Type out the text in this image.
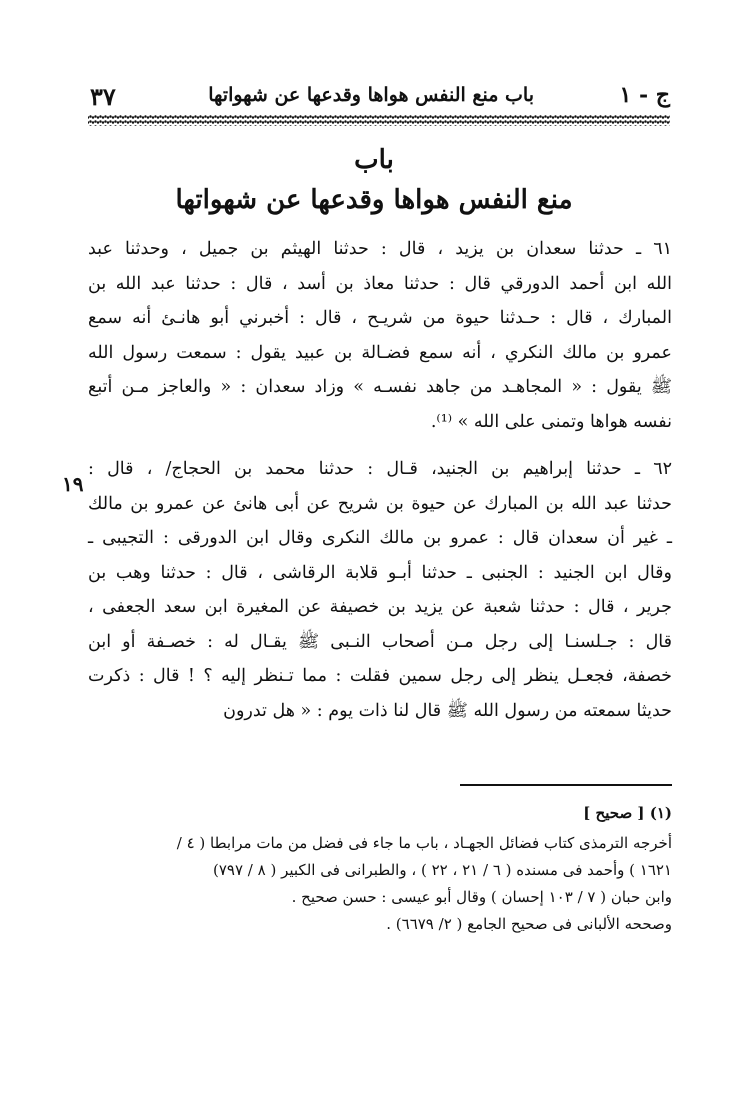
ج - ١
باب منع النفس هواها وقدعها عن شهواتها
٣٧
باب
منع النفس هواها وقدعها عن شهواتها
٦١ ـ حدثنا سعدان بن يزيد ، قال : حدثنا الهيثم بن جميل ، وحدثنا عبد
الله ابن أحمد الدورقي قال : حدثنا معاذ بن أسد ، قال : حدثنا عبد الله بن
المبارك ، قال : حـدثنا حيوة من شريـح ، قال : أخبرني أبو هانـئ أنه سمع
عمرو بن مالك النكري ، أنه سمع فضـالة بن عبيد يقول : سمعت رسول الله
ﷺ يقول : « المجاهـد من جاهد نفسـه » وزاد سعدان : « والعاجز مـن أتبع
نفسه هواها وتمنى على الله » ⁽¹⁾.
٦٢ ـ حدثنا إبراهيم بن الجنيد، قـال : حدثنا محمد بن الحجاج/ ، قال :
حدثنا عبد الله بن المبارك عن حيوة بن شريح عن أبى هانئ عن عمرو بن مالك
ـ غير أن سعدان قال : عمرو بن مالك النكرى وقال ابن الدورقى : التجيبى ـ
وقال ابن الجنيد : الجنبى ـ حدثنا أبـو قلابة الرقاشى ، قال : حدثنا وهب بن
جرير ، قال : حدثنا شعبة عن يزيد بن خصيفة عن المغيرة ابن سعد الجعفى ،
قال : جـلسنـا إلى رجل مـن أصحاب النـبى ﷺ يقـال له : خصـفة أو ابن
خصفة، فجعـل ينظر إلى رجل سمين فقلت : مما تـنظر إليه ؟ ! قال : ذكرت
حديثا سمعته من رسول الله ﷺ قال لنا ذات يوم : « هل تدرون
١٩
(١) [ صحيح ]
أخرجه الترمذى كتاب فضائل الجهـاد ، باب ما جاء فى فضل من مات مرابطا ( ٤ /
١٦٢١ ) وأحمد فى مسنده ( ٦ / ٢١ ، ٢٢ ) ، والطبرانى فى الكبير ( ٨ / ٧٩٧)
وابن حبان ( ٧ / ١٠٣ إحسان ) وقال أبو عيسى : حسن صحيح .
وصححه الألبانى فى صحيح الجامع ( ٢/ ٦٦٧٩) .
